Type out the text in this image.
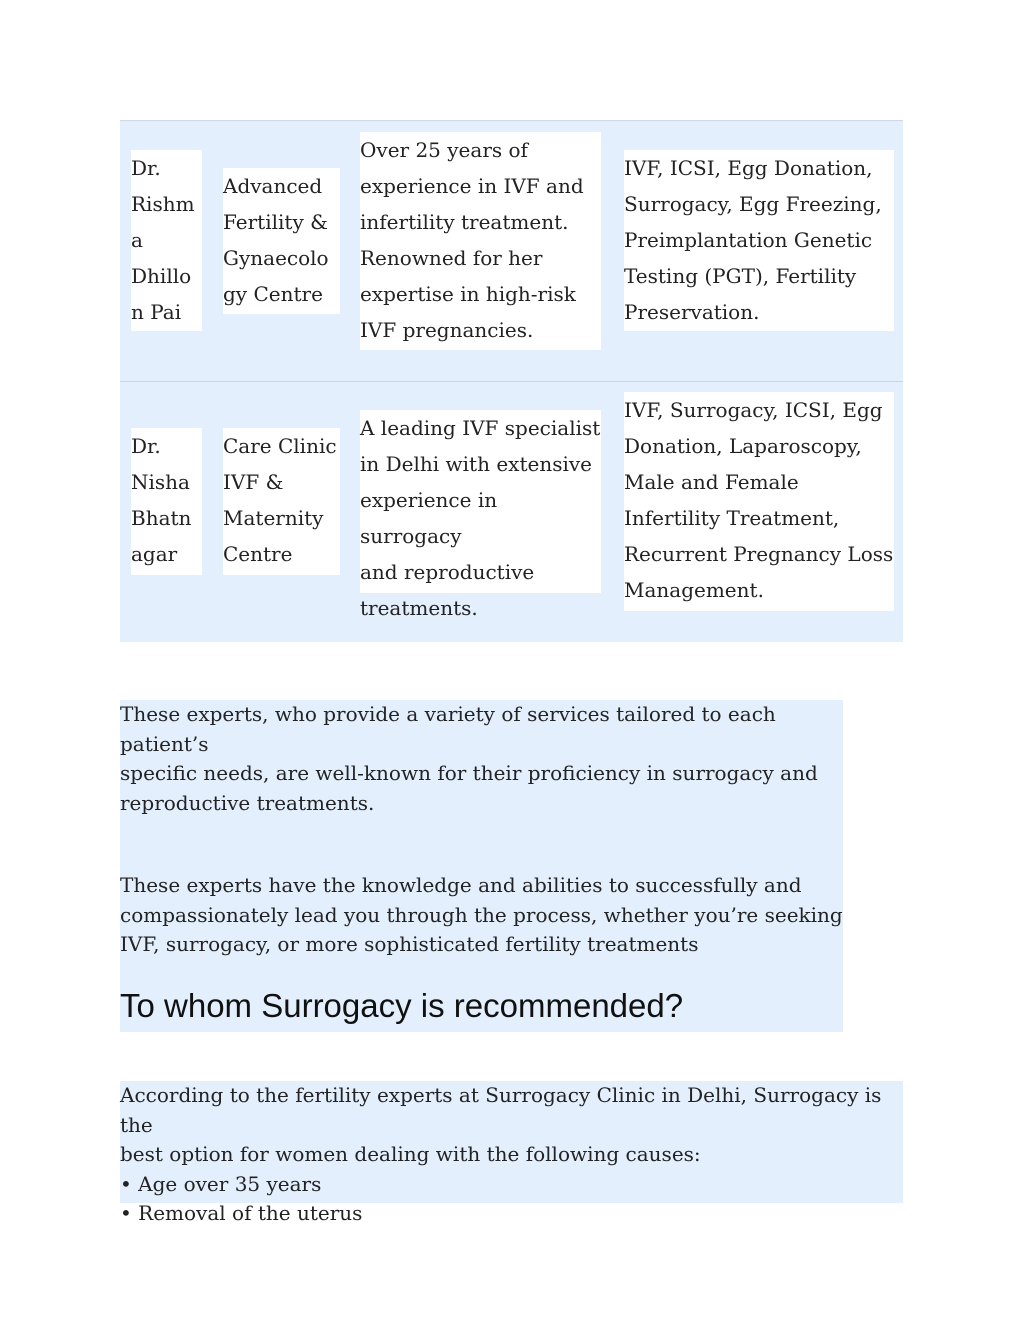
Dr.
Rishm
a
Dhillo
n Pai
Advanced
Fertility &
Gynaecolo
gy Centre
Over 25 years of
experience in IVF and
infertility treatment.
Renowned for her
expertise in high-risk
IVF pregnancies.
IVF, ICSI, Egg Donation,
Surrogacy, Egg Freezing,
Preimplantation Genetic
Testing (PGT), Fertility
Preservation.
Dr.
Nisha
Bhatn
agar
Care Clinic
IVF &
Maternity
Centre
A leading IVF specialist
in Delhi with extensive
experience in surrogacy
and reproductive
treatments.
IVF, Surrogacy, ICSI, Egg
Donation, Laparoscopy,
Male and Female
Infertility Treatment,
Recurrent Pregnancy Loss
Management.

These experts, who provide a variety of services tailored to each patient’s
specific needs, are well-known for their proficiency in surrogacy and
reproductive treatments.

These experts have the knowledge and abilities to successfully and
compassionately lead you through the process, whether you’re seeking
IVF, surrogacy, or more sophisticated fertility treatments

To whom Surrogacy is recommended?

According to the fertility experts at Surrogacy Clinic in Delhi, Surrogacy is the
best option for women dealing with the following causes:

• Age over 35 years
• Removal of the uterus
